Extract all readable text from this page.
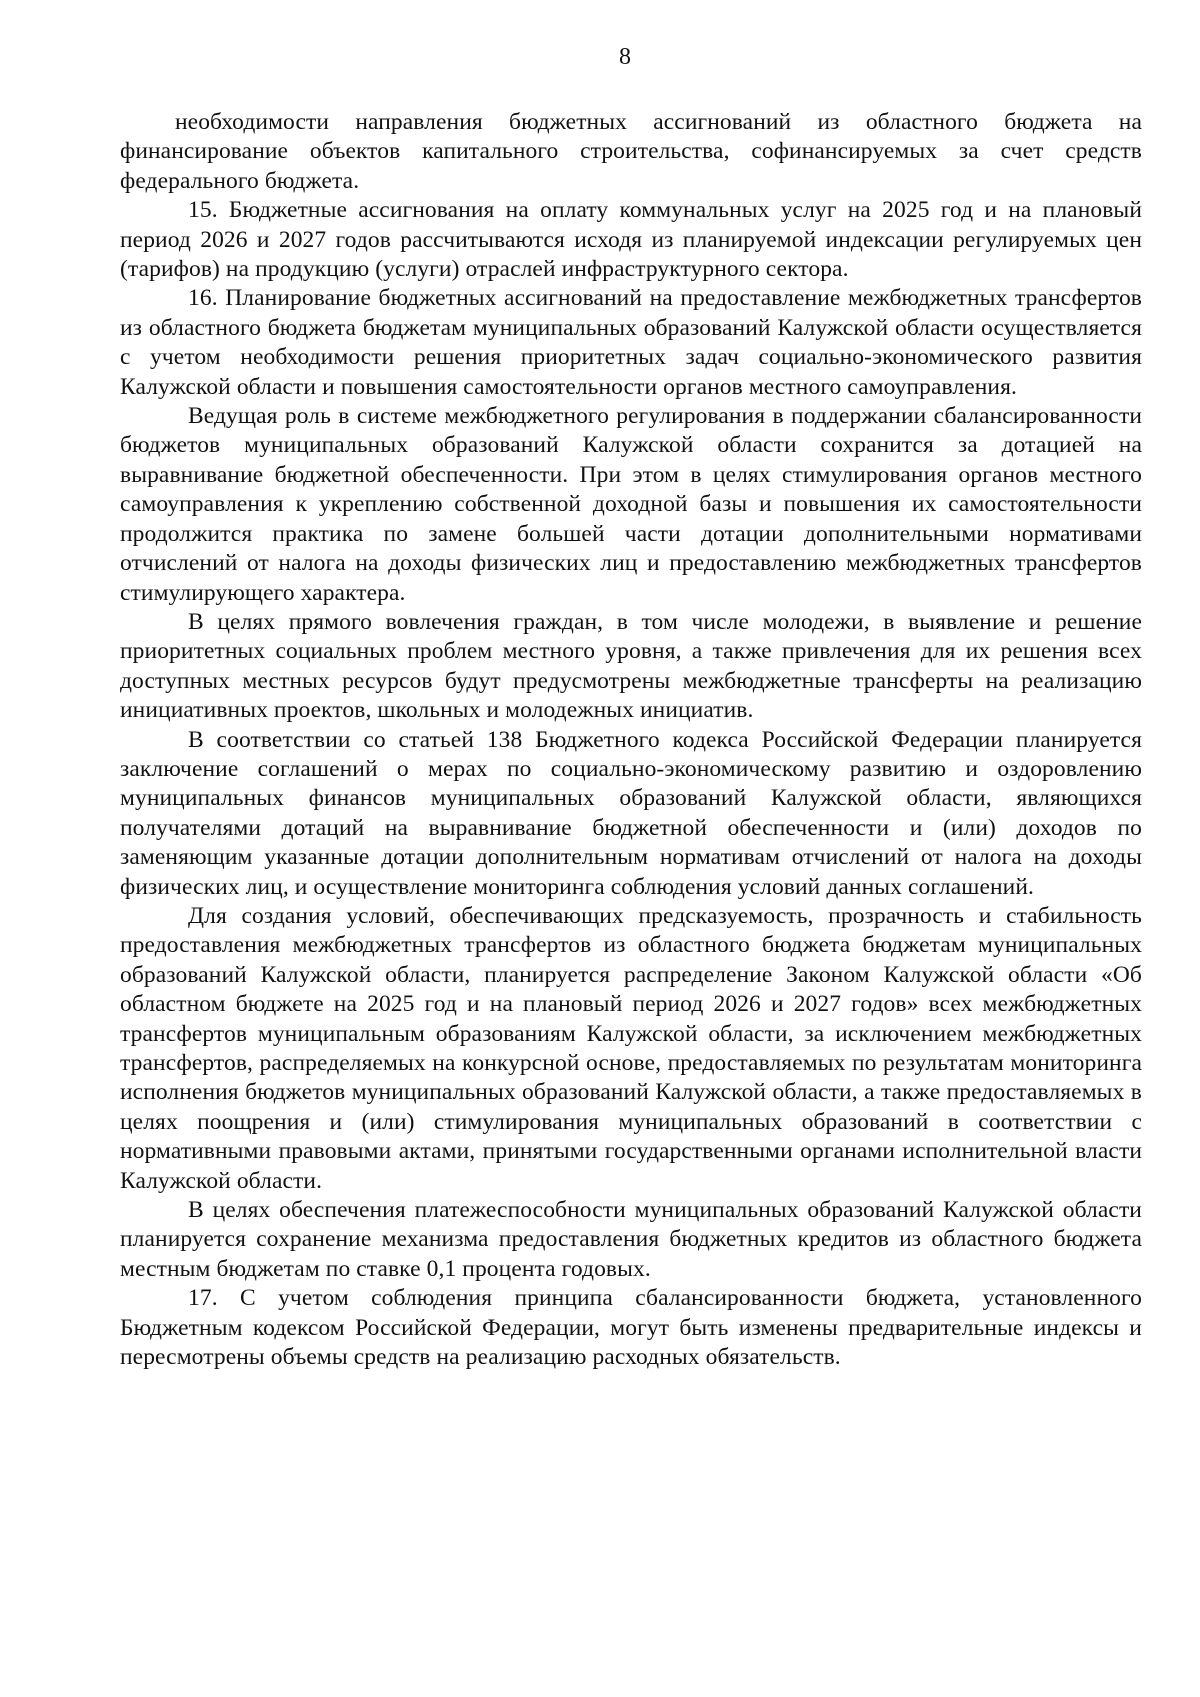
8

необходимости направления бюджетных ассигнований из областного бюджета на финансирование объектов капитального строительства, софинансируемых за счет средств федерального бюджета.

15. Бюджетные ассигнования на оплату коммунальных услуг на 2025 год и на плановый период 2026 и 2027 годов рассчитываются исходя из планируемой индексации регулируемых цен (тарифов) на продукцию (услуги) отраслей инфраструктурного сектора.

16. Планирование бюджетных ассигнований на предоставление межбюджетных трансфертов из областного бюджета бюджетам муниципальных образований Калужской области осуществляется с учетом необходимости решения приоритетных задач социально-экономического развития Калужской области и повышения самостоятельности органов местного самоуправления.

Ведущая роль в системе межбюджетного регулирования в поддержании сбалансированности бюджетов муниципальных образований Калужской области сохранится за дотацией на выравнивание бюджетной обеспеченности. При этом в целях стимулирования органов местного самоуправления к укреплению собственной доходной базы и повышения их самостоятельности продолжится практика по замене большей части дотации дополнительными нормативами отчислений от налога на доходы физических лиц и предоставлению межбюджетных трансфертов стимулирующего характера.

В целях прямого вовлечения граждан, в том числе молодежи, в выявление и решение приоритетных социальных проблем местного уровня, а также привлечения для их решения всех доступных местных ресурсов будут предусмотрены межбюджетные трансферты на реализацию инициативных проектов, школьных и молодежных инициатив.

В соответствии со статьей 138 Бюджетного кодекса Российской Федерации планируется заключение соглашений о мерах по социально-экономическому развитию и оздоровлению муниципальных финансов муниципальных образований Калужской области, являющихся получателями дотаций на выравнивание бюджетной обеспеченности и (или) доходов по заменяющим указанные дотации дополнительным нормативам отчислений от налога на доходы физических лиц, и осуществление мониторинга соблюдения условий данных соглашений.

Для создания условий, обеспечивающих предсказуемость, прозрачность и стабильность предоставления межбюджетных трансфертов из областного бюджета бюджетам муниципальных образований Калужской области, планируется распределение Законом Калужской области «Об областном бюджете на 2025 год и на плановый период 2026 и 2027 годов» всех межбюджетных трансфертов муниципальным образованиям Калужской области, за исключением межбюджетных трансфертов, распределяемых на конкурсной основе, предоставляемых по результатам мониторинга исполнения бюджетов муниципальных образований Калужской области, а также предоставляемых в целях поощрения и (или) стимулирования муниципальных образований в соответствии с нормативными правовыми актами, принятыми государственными органами исполнительной власти Калужской области.

В целях обеспечения платежеспособности муниципальных образований Калужской области планируется сохранение механизма предоставления бюджетных кредитов из областного бюджета местным бюджетам по ставке 0,1 процента годовых.

17. С учетом соблюдения принципа сбалансированности бюджета, установленного Бюджетным кодексом Российской Федерации, могут быть изменены предварительные индексы и пересмотрены объемы средств на реализацию расходных обязательств.
